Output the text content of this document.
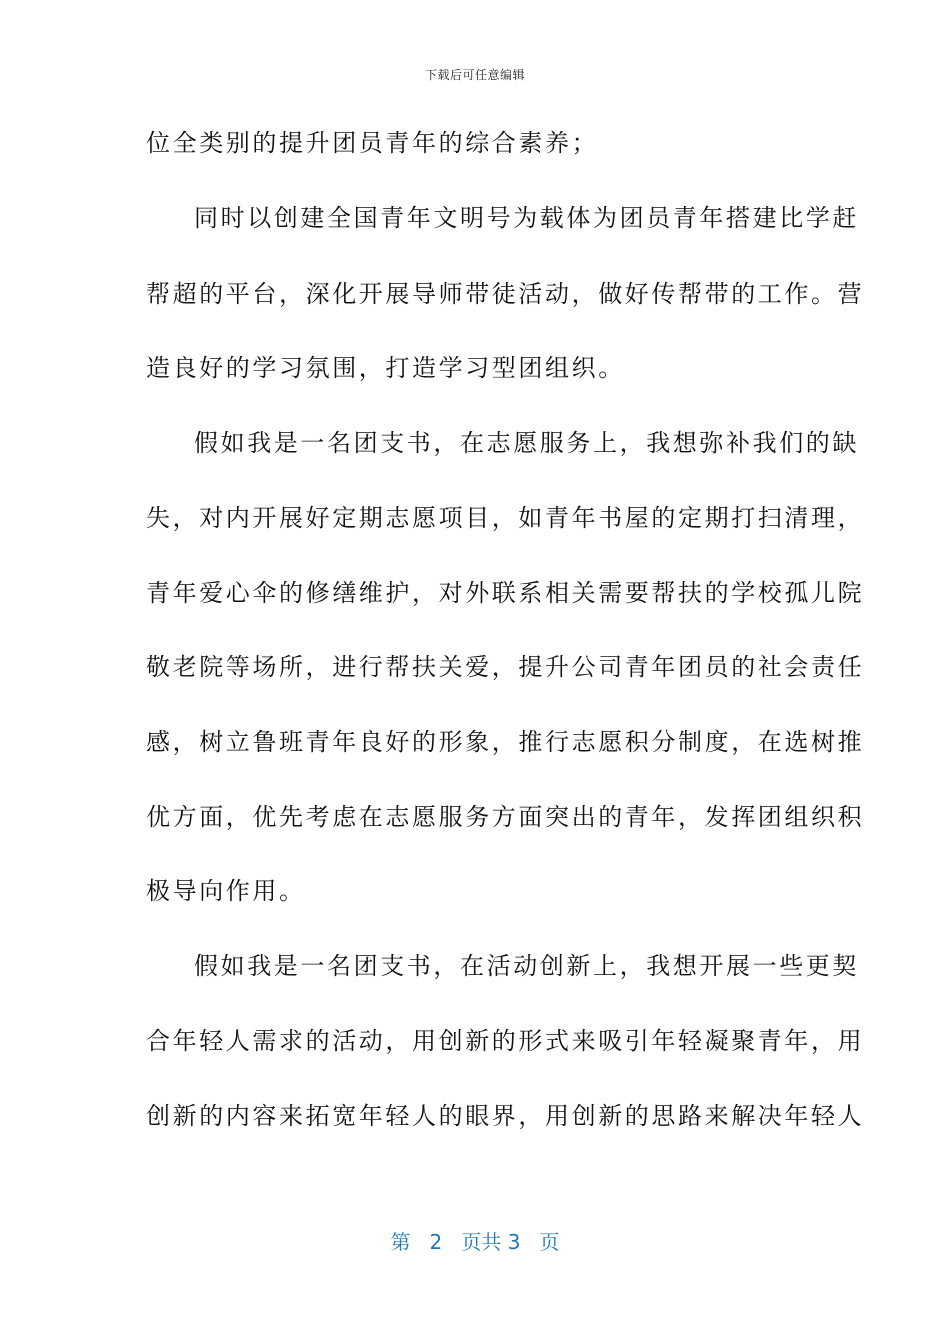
下载后可任意编辑
位全类别的提升团员青年的综合素养；
同时以创建全国青年文明号为载体为团员青年搭建比学赶
帮超的平台，深化开展导师带徒活动，做好传帮带的工作。营
造良好的学习氛围，打造学习型团组织。
假如我是一名团支书，在志愿服务上，我想弥补我们的缺
失，对内开展好定期志愿项目，如青年书屋的定期打扫清理，
青年爱心伞的修缮维护，对外联系相关需要帮扶的学校孤儿院
敬老院等场所，进行帮扶关爱，提升公司青年团员的社会责任
感，树立鲁班青年良好的形象，推行志愿积分制度，在选树推
优方面，优先考虑在志愿服务方面突出的青年，发挥团组织积
极导向作用。
假如我是一名团支书，在活动创新上，我想开展一些更契
合年轻人需求的活动，用创新的形式来吸引年轻凝聚青年，用
创新的内容来拓宽年轻人的眼界，用创新的思路来解决年轻人
第 2 页共 3 页
